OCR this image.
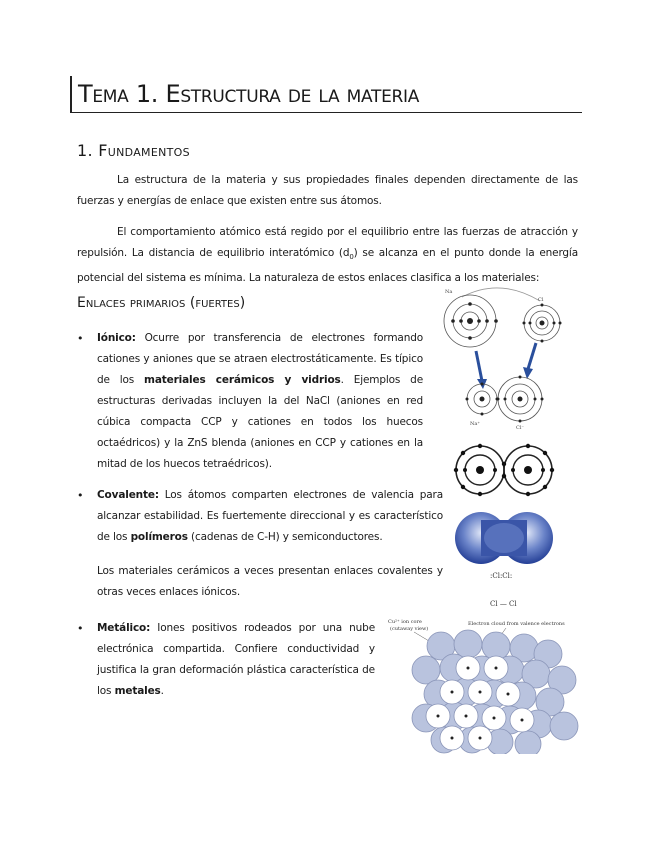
Tema 1. Estructura de la materia
1. Fundamentos
La estructura de la materia y sus propiedades finales dependen directamente de las fuerzas y energías de enlace que existen entre sus átomos.
El comportamiento atómico está regido por el equilibrio entre las fuerzas de atracción y repulsión. La distancia de equilibrio interatómico $(d_0)$ se alcanza en el punto donde la energía potencial del sistema es mínima. La naturaleza de estos enlaces clasifica a los materiales:
Enlaces primarios (fuertes)
• Iónico: Ocurre por transferencia de electrones formando cationes y aniones que se atraen electrostáticamente. Es típico de los materiales cerámicos y vidrios. Ejemplos de estructuras derivadas incluyen la del NaCl (aniones en red cúbica compacta CCP y cationes en todos los huecos octaédricos) y la ZnS blenda (aniones en CCP y cationes en la mitad de los huecos tetraédricos).
• Covalente: Los átomos comparten electrones de valencia para alcanzar estabilidad. Es fuertemente direccional y es característico de los polímeros (cadenas de C-H) y semiconductores.
Los materiales cerámicos a veces presentan enlaces covalentes y otras veces enlaces iónicos.
• Metálico: Iones positivos rodeados por una nube electrónica compartida. Confiere conductividad y justifica la gran deformación plástica característica de los metales.
Na
Cl
Na⁺
Cl⁻
:Cl:Cl:
Cl — Cl
Cu²⁺ ion core
(cutaway view)
Electron cloud from valence electrons
